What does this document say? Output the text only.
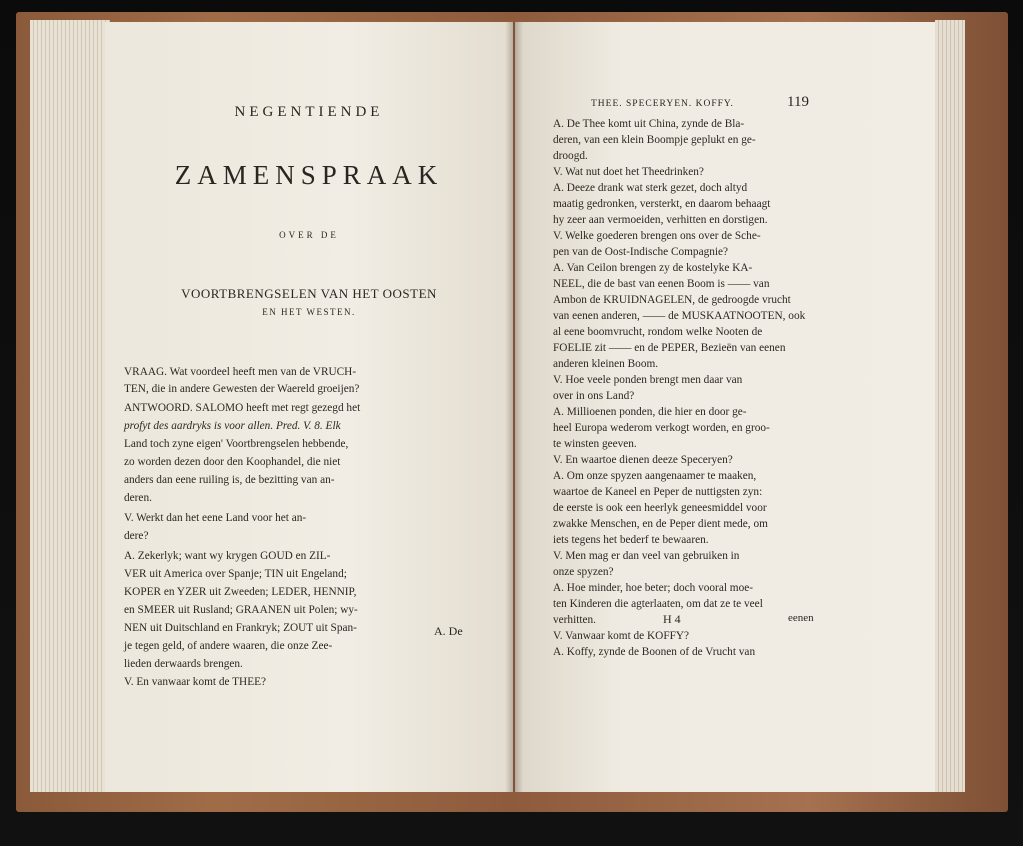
NEGENTIENDE
ZAMENSPRAAK
OVER DE
VOORTBRENGSELEN VAN HET OOSTEN
EN HET WESTEN.
A. De
THEE. SPECERYEN. KOFFY.	119
H 4	eenen
VRAAG. Wat voordeel heeft men van de VRUCH-
TEN, die in andere Gewesten der Waereld groeijen?
ANTWOORD. SALOMO heeft met regt gezegd het
profyt des aardryks is voor allen. Pred. V. 8. Elk
Land toch zyne eigen' Voortbrengselen hebbende,
zo worden dezen door den Koophandel, die niet
anders dan eene ruiling is, de bezitting van an-
deren.
V. Werkt dan het eene Land voor het an-
dere?
A. Zekerlyk; want wy krygen GOUD en ZIL-
VER uit America over Spanje; TIN uit Engeland;
KOPER en YZER uit Zweeden; LEDER, HENNIP,
en SMEER uit Rusland; GRAANEN uit Polen; wy-
NEN uit Duitschland en Frankryk; ZOUT uit Span-
je tegen geld, of andere waaren, die onze Zee-
lieden derwaards brengen.
V. En vanwaar komt de THEE?
A. De Thee komt uit China, zynde de Bla-
deren, van een klein Boompje geplukt en ge-
droogd.
V. Wat nut doet het Theedrinken?
A. Deeze drank wat sterk gezet, doch altyd
maatig gedronken, versterkt, en daarom behaagt
hy zeer aan vermoeiden, verhitten en dorstigen.
V. Welke goederen brengen ons over de Sche-
pen van de Oost-Indische Compagnie?
A. Van Ceilon brengen zy de kostelyke KA-
NEEL, die de bast van eenen Boom is —— van
Ambon de KRUIDNAGELEN, de gedroogde vrucht
van eenen anderen, —— de MUSKAATNOOTEN, ook
al eene boomvrucht, rondom welke Nooten de
FOELIE zit —— en de PEPER, Bezieën van eenen
anderen kleinen Boom.
V. Hoe veele ponden brengt men daar van
over in ons Land?
A. Millioenen ponden, die hier en door ge-
heel Europa wederom verkogt worden, en groo-
te winsten geeven.
V. En waartoe dienen deeze Speceryen?
A. Om onze spyzen aangenaamer te maaken,
waartoe de Kaneel en Peper de nuttigsten zyn:
de eerste is ook een heerlyk geneesmiddel voor
zwakke Menschen, en de Peper dient mede, om
iets tegens het bederf te bewaaren.
V. Men mag er dan veel van gebruiken in
onze spyzen?
A. Hoe minder, hoe beter; doch vooral moe-
ten Kinderen die agterlaaten, om dat ze te veel
verhitten.
V. Vanwaar komt de KOFFY?
A. Koffy, zynde de Boonen of de Vrucht van
